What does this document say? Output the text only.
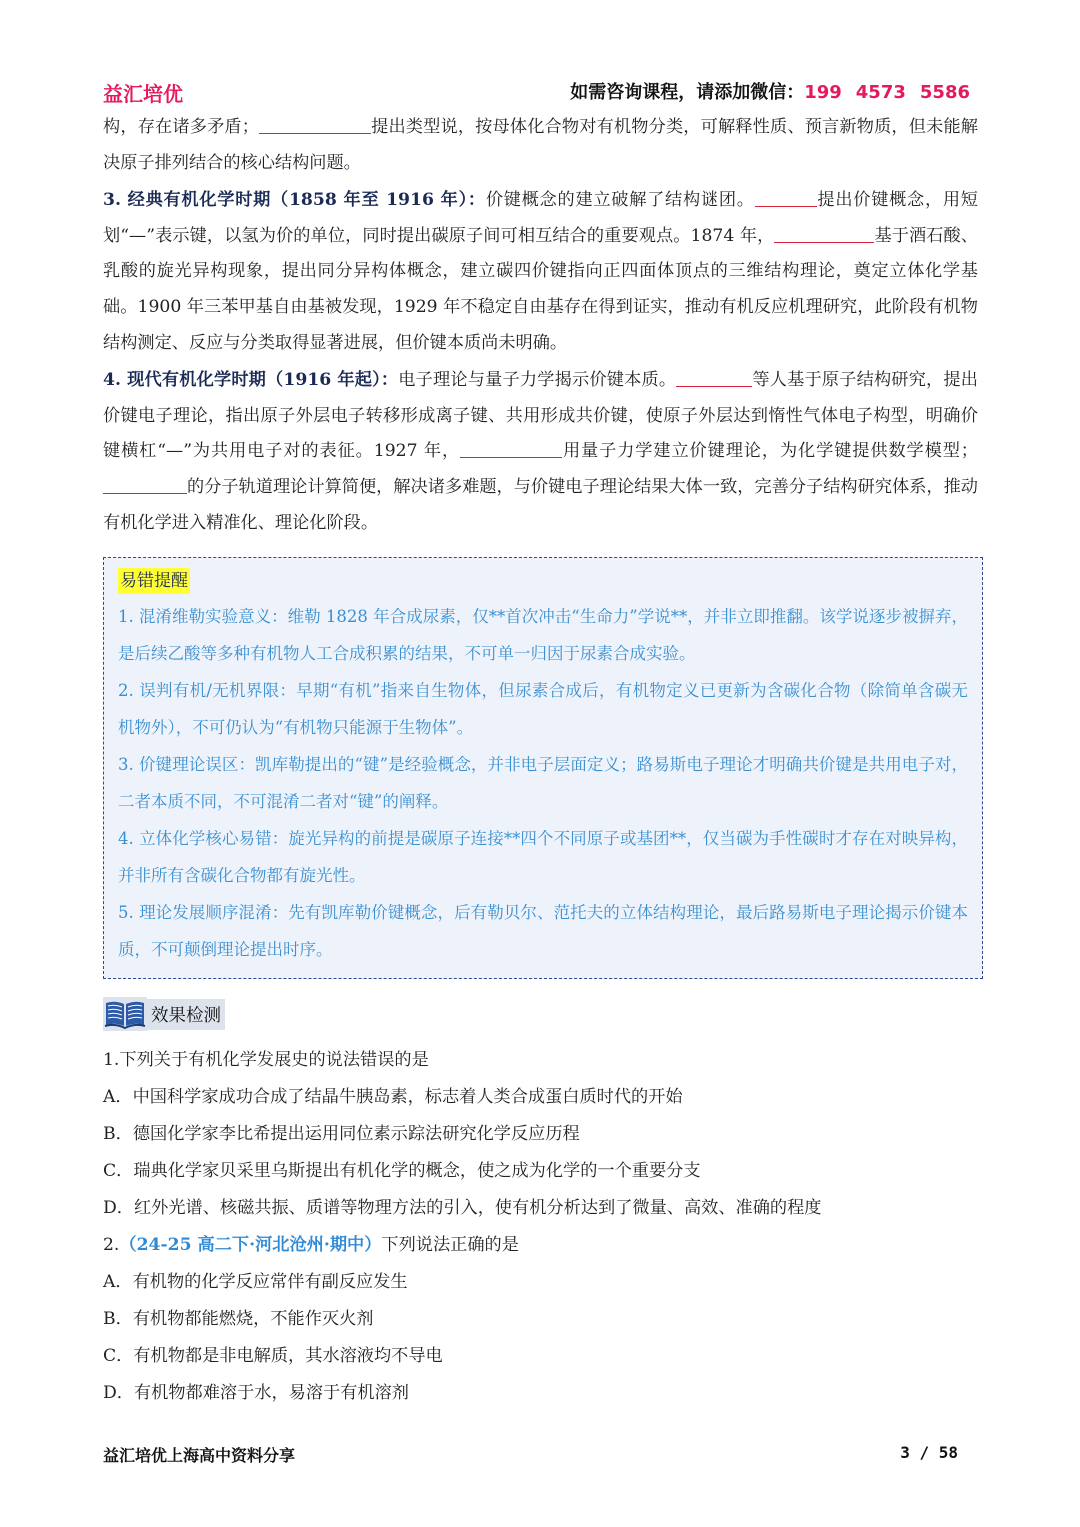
益汇培优	如需咨询课程，请添加微信：199 4573 5586

构，存在诸多矛盾；	提出类型说，按母体化合物对有机物分类，可解释性质、预言新物质，但未能解决原子排列结合的核心结构问题。

3. 经典有机化学时期（1858 年至 1916 年）：价键概念的建立破解了结构谜团。	提出价键概念，用短划“—”表示键，以氢为价的单位，同时提出碳原子间可相互结合的重要观点。1874 年，	基于酒石酸、乳酸的旋光异构现象，提出同分异构体概念，建立碳四价键指向正四面体顶点的三维结构理论，奠定立体化学基础。1900 年三苯甲基自由基被发现，1929 年不稳定自由基存在得到证实，推动有机反应机理研究，此阶段有机物结构测定、反应与分类取得显著进展，但价键本质尚未明确。

4. 现代有机化学时期（1916 年起）：电子理论与量子力学揭示价键本质。	等人基于原子结构研究，提出价键电子理论，指出原子外层电子转移形成离子键、共用形成共价键，使原子外层达到惰性气体电子构型，明确价键横杠“—”为共用电子对的表征。1927 年，	用量子力学建立价键理论，为化学键提供数学模型；的分子轨道理论计算简便，解决诸多难题，与价键电子理论结果大体一致，完善分子结构研究体系，推动有机化学进入精准化、理论化阶段。

易错提醒

1. 混淆维勒实验意义：维勒 1828 年合成尿素，仅**首次冲击“生命力”学说**，并非立即推翻。该学说逐步被摒弃，是后续乙酸等多种有机物人工合成积累的结果，不可单一归因于尿素合成实验。

2. 误判有机/无机界限：早期“有机”指来自生物体，但尿素合成后，有机物定义已更新为含碳化合物（除简单含碳无机物外），不可仍认为“有机物只能源于生物体”。

3. 价键理论误区：凯库勒提出的“键”是经验概念，并非电子层面定义；路易斯电子理论才明确共价键是共用电子对，二者本质不同，不可混淆二者对“键”的阐释。

4. 立体化学核心易错：旋光异构的前提是碳原子连接**四个不同原子或基团**，仅当碳为手性碳时才存在对映异构，并非所有含碳化合物都有旋光性。

5. 理论发展顺序混淆：先有凯库勒价键概念，后有勒贝尔、范托夫的立体结构理论，最后路易斯电子理论揭示价键本质，不可颠倒理论提出时序。

效果检测

1.下列关于有机化学发展史的说法错误的是

A．中国科学家成功合成了结晶牛胰岛素，标志着人类合成蛋白质时代的开始

B．德国化学家李比希提出运用同位素示踪法研究化学反应历程

C．瑞典化学家贝采里乌斯提出有机化学的概念，使之成为化学的一个重要分支

D．红外光谱、核磁共振、质谱等物理方法的引入，使有机分析达到了微量、高效、准确的程度

2.（24-25 高二下·河北沧州·期中）下列说法正确的是

A．有机物的化学反应常伴有副反应发生

B．有机物都能燃烧，不能作灭火剂

C．有机物都是非电解质，其水溶液均不导电

D．有机物都难溶于水，易溶于有机溶剂

益汇培优上海高中资料分享	3 / 58
